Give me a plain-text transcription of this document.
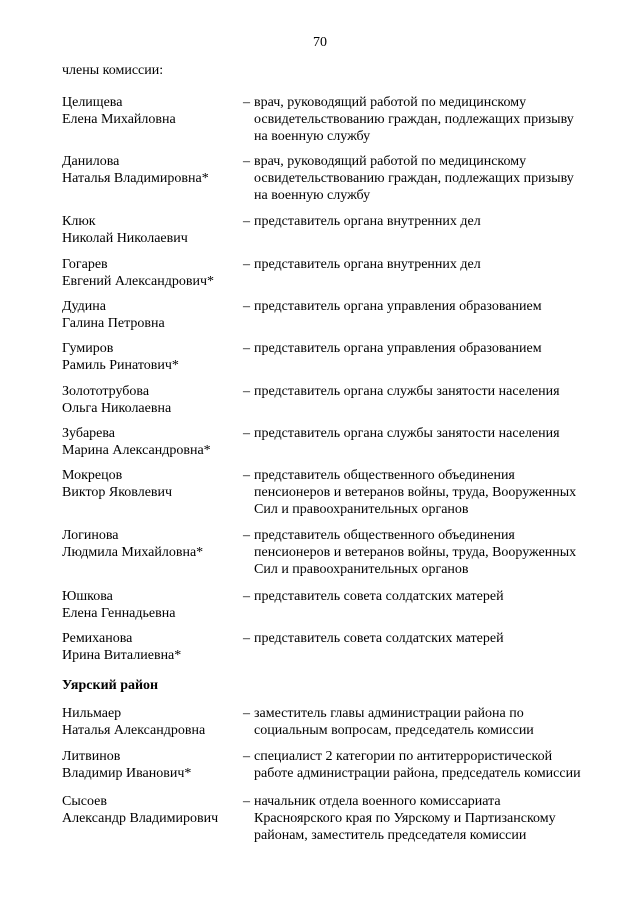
70
члены комиссии:
Целищева
Елена Михайловна
– врач, руководящий работой по медицинскому
освидетельствованию граждан, подлежащих призыву
на военную службу
Данилова
Наталья Владимировна*
– врач, руководящий работой по медицинскому
освидетельствованию граждан, подлежащих призыву
на военную службу
Клюк
Николай Николаевич
– представитель органа внутренних дел
Гогарев
Евгений Александрович*
– представитель органа внутренних дел
Дудина
Галина Петровна
– представитель органа управления образованием
Гумиров
Рамиль Ринатович*
– представитель органа управления образованием
Золототрубова
Ольга Николаевна
– представитель органа службы занятости населения
Зубарева
Марина Александровна*
– представитель органа службы занятости населения
Мокрецов
Виктор Яковлевич
– представитель общественного объединения
пенсионеров и ветеранов войны, труда, Вооруженных
Сил и правоохранительных органов
Логинова
Людмила Михайловна*
– представитель общественного объединения
пенсионеров и ветеранов войны, труда, Вооруженных
Сил и правоохранительных органов
Юшкова
Елена Геннадьевна
– представитель совета солдатских матерей
Ремиханова
Ирина Виталиевна*
– представитель совета солдатских матерей
Уярский район
Нильмаер
Наталья Александровна
– заместитель главы администрации района по
социальным вопросам, председатель комиссии
Литвинов
Владимир Иванович*
– специалист 2 категории по антитеррористической
работе администрации района, председатель комиссии
Сысоев
Александр Владимирович
– начальник отдела военного комиссариата
Красноярского края по Уярскому и Партизанскому
районам, заместитель председателя комиссии
